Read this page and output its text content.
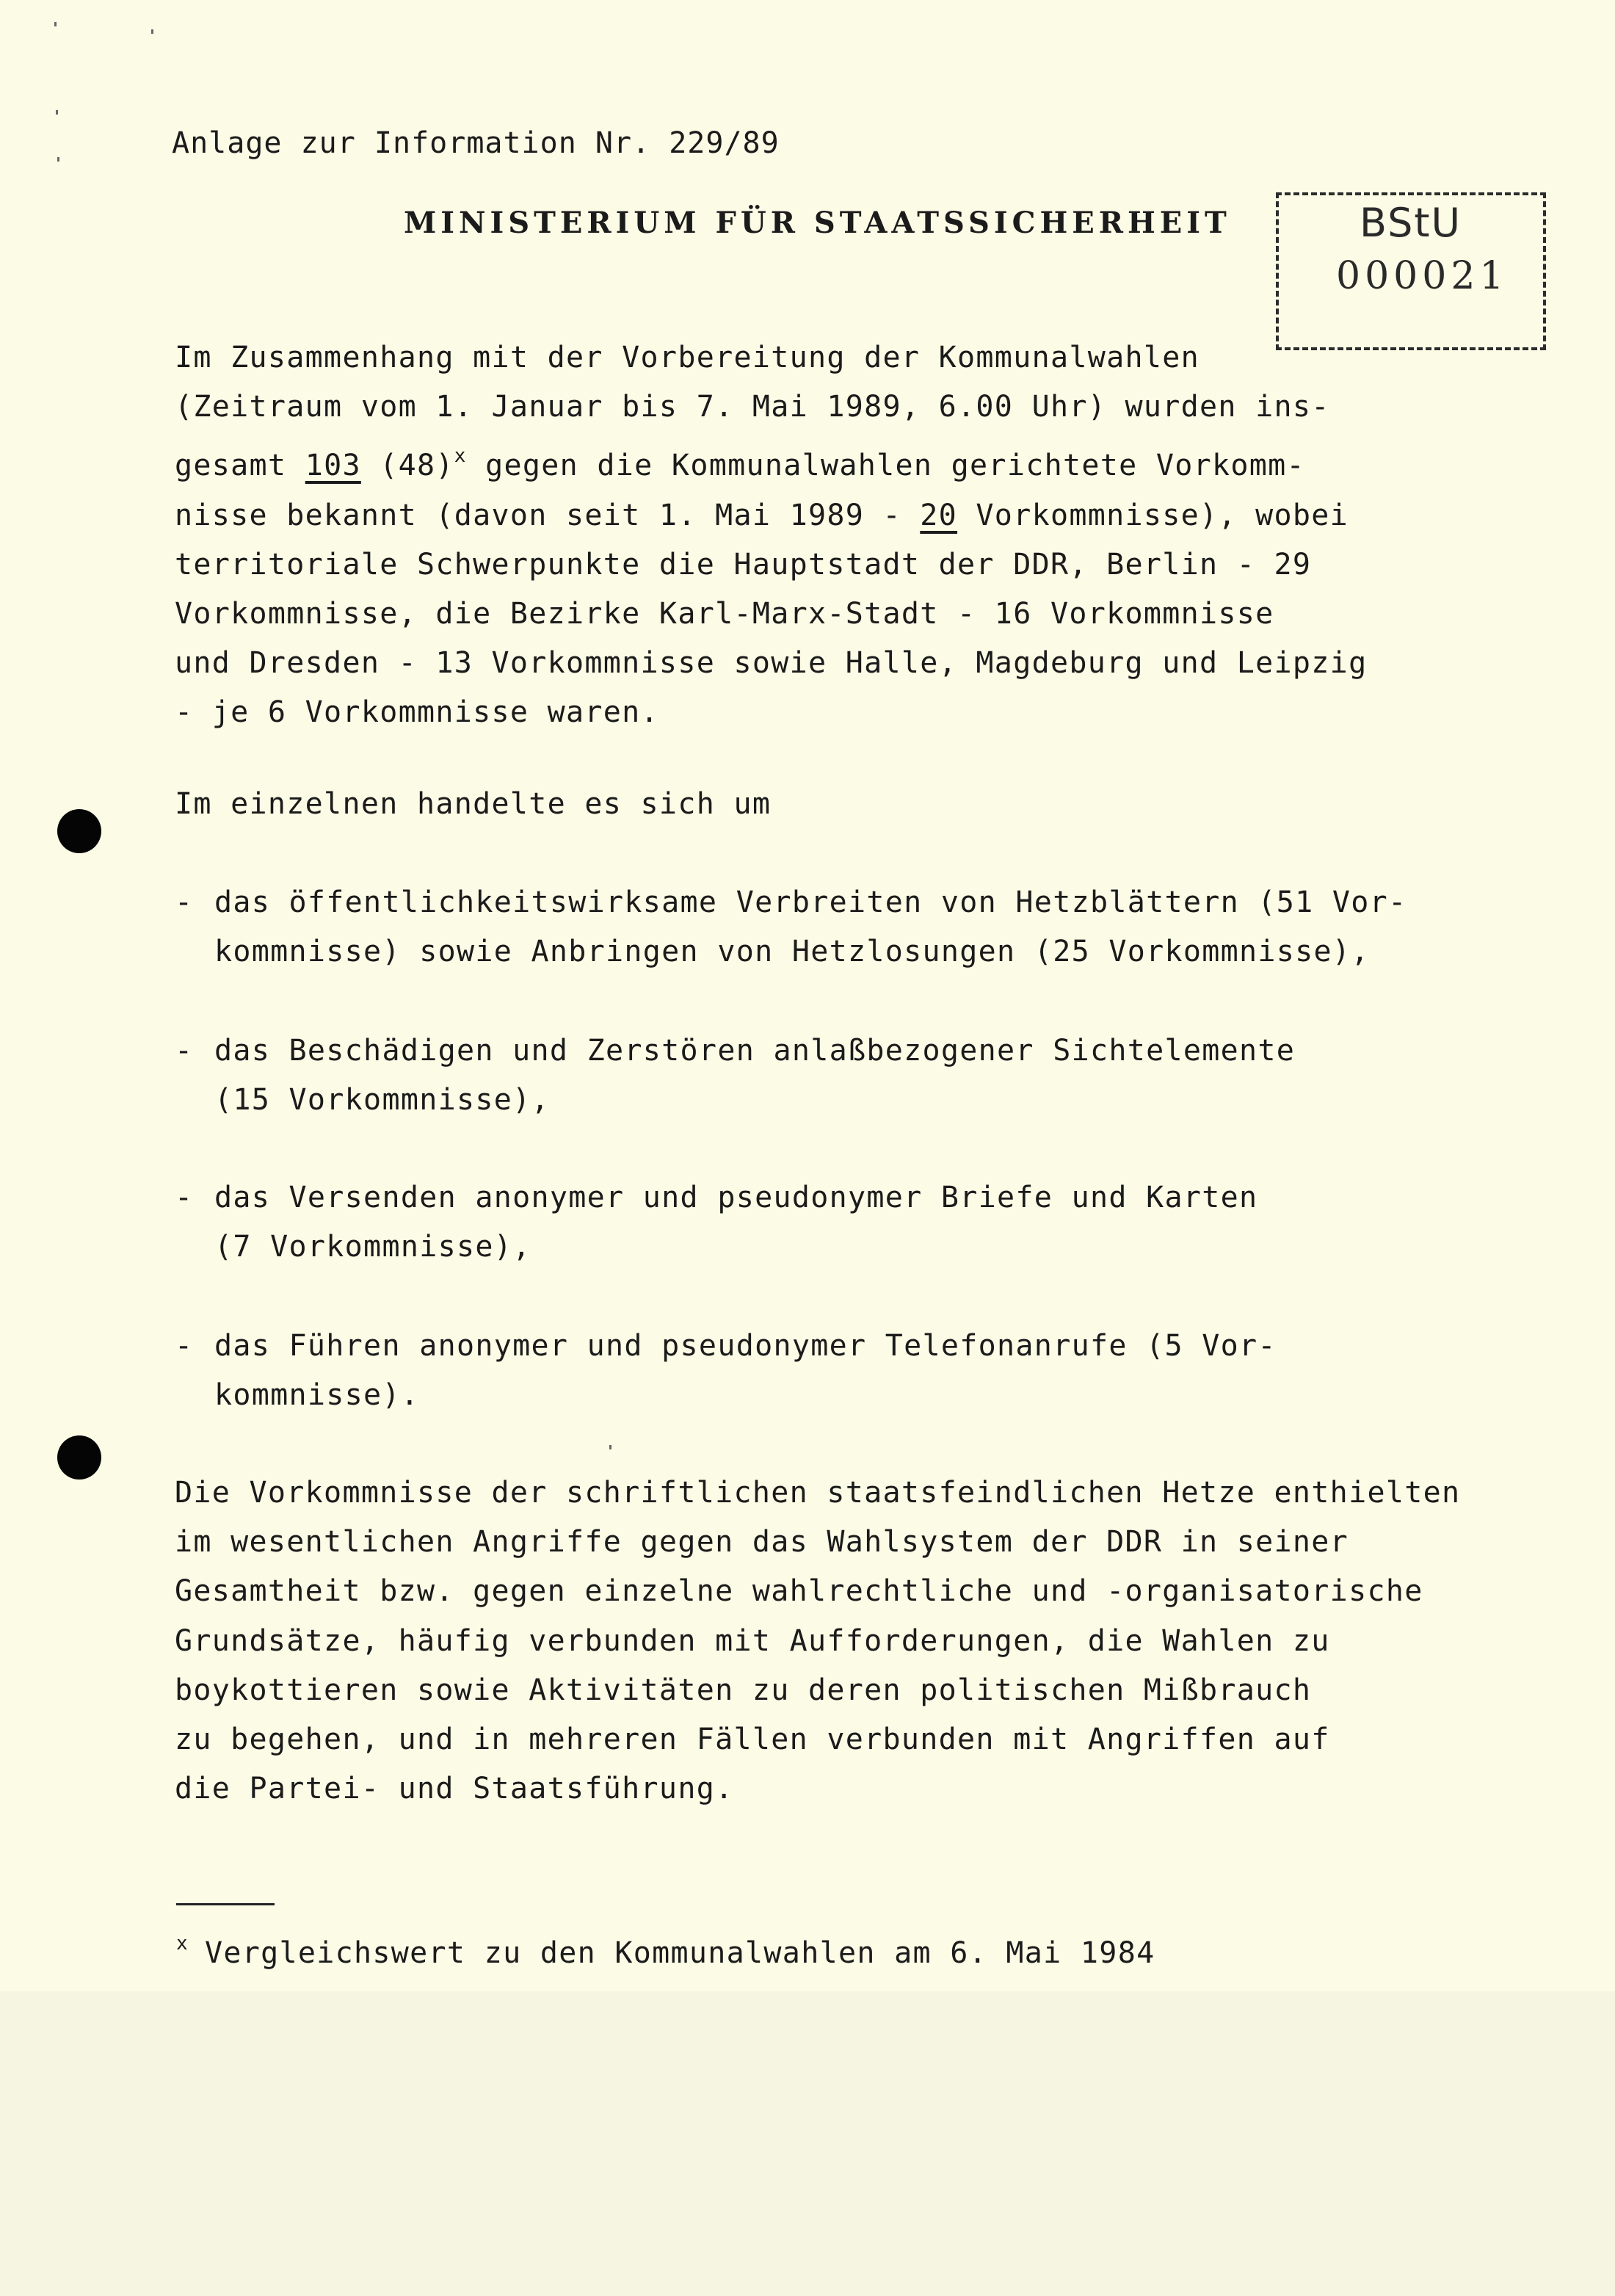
Anlage zur Information Nr. 229/89
MINISTERIUM FÜR STAATSSICHERHEIT	BStU
000021
Im Zusammenhang mit der Vorbereitung der Kommunalwahlen
(Zeitraum vom 1. Januar bis 7. Mai 1989, 6.00 Uhr) wurden ins-
gesamt 103 $(48)^x$ gegen die Kommunalwahlen gerichtete Vorkomm-
nisse bekannt (davon seit 1. Mai 1989 - 20 Vorkommnisse), wobei
territoriale Schwerpunkte die Hauptstadt der DDR, Berlin - 29
Vorkommnisse, die Bezirke Karl-Marx-Stadt - 16 Vorkommnisse
und Dresden - 13 Vorkommnisse sowie Halle, Magdeburg und Leipzig
- je 6 Vorkommnisse waren.
Im einzelnen handelte es sich um

-

das öffentlichkeitswirksame Verbreiten von Hetzblättern (51 Vor-
kommnisse) sowie Anbringen von Hetzlosungen (25 Vorkommnisse),

-

das Beschädigen und Zerstören anlaßbezogener Sichtelemente
(15 Vorkommnisse),

-

das Versenden anonymer und pseudonymer Briefe und Karten
(7 Vorkommnisse),

-

das Führen anonymer und pseudonymer Telefonanrufe (5 Vor-
kommnisse).

Die Vorkommnisse der schriftlichen staatsfeindlichen Hetze enthielten
im wesentlichen Angriffe gegen das Wahlsystem der DDR in seiner
Gesamtheit bzw. gegen einzelne wahlrechtliche und -organisatorische
Grundsätze, häufig verbunden mit Aufforderungen, die Wahlen zu
boykottieren sowie Aktivitäten zu deren politischen Mißbrauch
zu begehen, und in mehreren Fällen verbunden mit Angriffen auf
die Partei- und Staatsführung.
$^x$ Vergleichswert zu den Kommunalwahlen am 6. Mai 1984
